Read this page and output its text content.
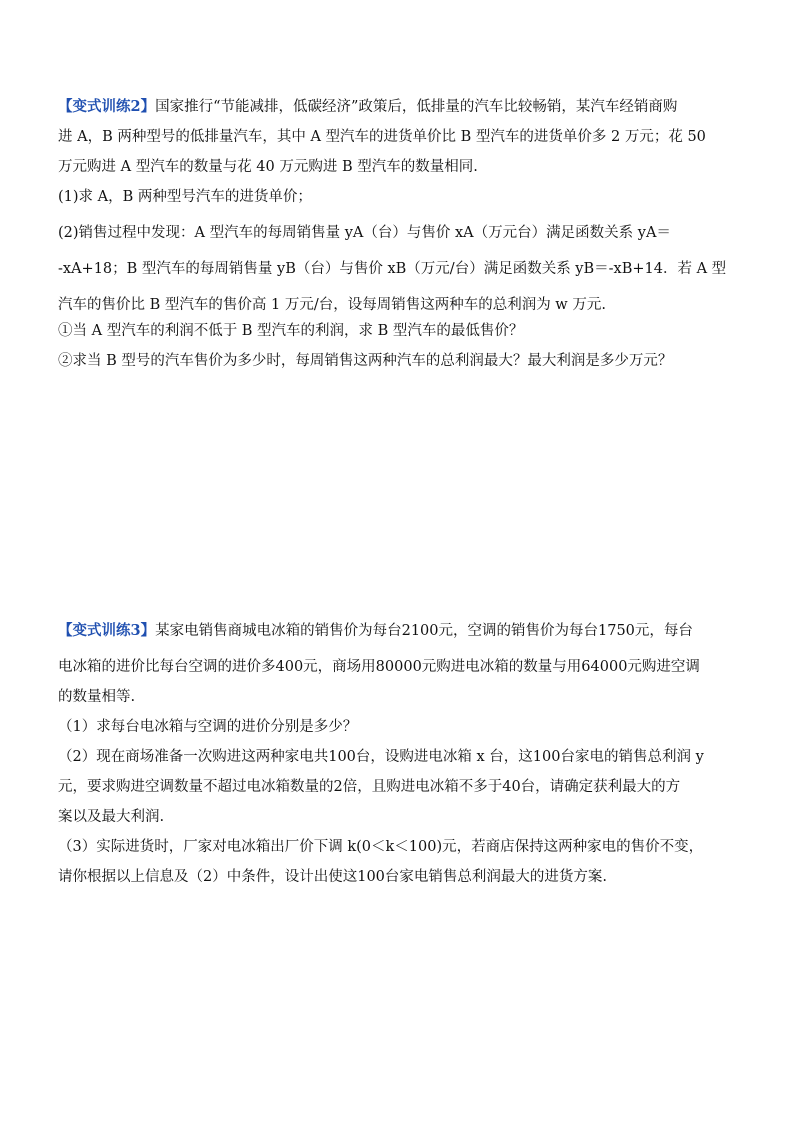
【变式训练2】国家推行“节能减排，低碳经济”政策后，低排量的汽车比较畅销，某汽车经销商购

进 A，B 两种型号的低排量汽车，其中 A 型汽车的进货单价比 B 型汽车的进货单价多 2 万元；花 50

万元购进 A 型汽车的数量与花 40 万元购进 B 型汽车的数量相同.

(1)求 A，B 两种型号汽车的进货单价；

(2)销售过程中发现：A 型汽车的每周销售量 yA（台）与售价 xA（万元台）满足函数关系 yA＝

-xA+18；B 型汽车的每周销售量 yB（台）与售价 xB（万元/台）满足函数关系 yB＝-xB+14．若 A 型

汽车的售价比 B 型汽车的售价高 1 万元/台，设每周销售这两种车的总利润为 w 万元.

①当 A 型汽车的利润不低于 B 型汽车的利润，求 B 型汽车的最低售价？

②求当 B 型号的汽车售价为多少时，每周销售这两种汽车的总利润最大？最大利润是多少万元？

【变式训练3】某家电销售商城电冰箱的销售价为每台2100元，空调的销售价为每台1750元，每台

电冰箱的进价比每台空调的进价多400元，商场用80000元购进电冰箱的数量与用64000元购进空调

的数量相等.

（1）求每台电冰箱与空调的进价分别是多少？

（2）现在商场准备一次购进这两种家电共100台，设购进电冰箱 x 台，这100台家电的销售总利润 y

元，要求购进空调数量不超过电冰箱数量的2倍，且购进电冰箱不多于40台，请确定获利最大的方

案以及最大利润.

（3）实际进货时，厂家对电冰箱出厂价下调 k(0＜k＜100)元，若商店保持这两种家电的售价不变，

请你根据以上信息及（2）中条件，设计出使这100台家电销售总利润最大的进货方案.
